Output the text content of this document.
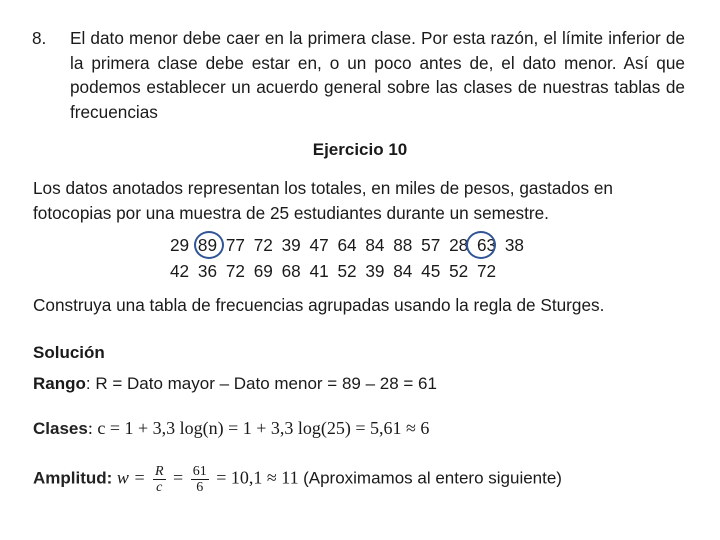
8. El dato menor debe caer en la primera clase. Por esta razón, el límite inferior de la primera clase debe estar en, o un poco antes de, el dato menor. Así que podemos establecer un acuerdo general sobre las clases de nuestras tablas de frecuencias
Ejercicio 10
Los datos anotados representan los totales, en miles de pesos, gastados en fotocopias por una muestra de 25 estudiantes durante un semestre.
29 89 77 72 39 47 64 84 88 57 28 63 38
42 36 72 69 68 41 52 39 84 45 52 72
Construya una tabla de frecuencias agrupadas usando la regla de Sturges.
Solución
Rango: R = Dato mayor – Dato menor = 89 – 28 = 61
Clases: c = 1 + 3,3 log(n) = 1 + 3,3 log(25) = 5,61 ≈ 6
Amplitud: $w = \frac{R}{c} = \frac{61}{6} = 10,1 \approx 11$ (Aproximamos al entero siguiente)
